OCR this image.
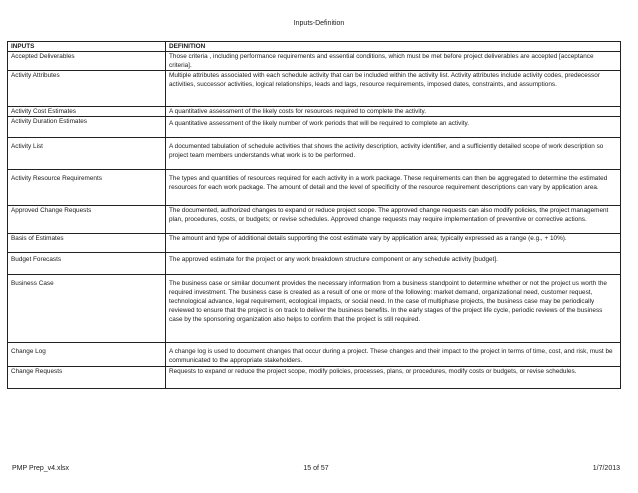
Inputs-Definition
INPUTS	DEFINITION
Accepted Deliverables	Those criteria , including performance requirements and essential conditions, which must be met before project deliverables are accepted [acceptance criteria].
Activity Attributes	Multiple attributes associated with each schedule activity that can be included within the activity list. Activity attributes include activity codes, predecessor activities, successor activities, logical relationships, leads and lags, resource requirements, imposed dates, constraints, and assumptions.
Activity Cost Estimates	A quantitative assessment of the likely costs for resources required to complete the activity.
Activity Duration Estimates	A quantitative assessment of the likely number of work periods that will be required to complete an activity.
Activity List	A documented tabulation of schedule activities that shows the activity description, activity identifier, and a sufficiently detailed scope of work description so project team members understands what work is to be performed.
Activity Resource Requirements	The types and quantities of resources required for each activity in a work package. These requirements can then be aggregated to determine the estimated resources for each work package. The amount of detail and the level of specificity of the resource requirement descriptions can vary by application area.
Approved Change Requests	The documented, authorized changes to expand or reduce project scope. The approved change requests can also modify policies, the project management plan, procedures, costs, or budgets; or revise schedules. Approved change requests may require implementation of preventive or corrective actions.
Basis of Estimates	The amount and type of additional details supporting the cost estimate vary by application area; typically expressed as a range (e.g., + 10%).
Budget Forecasts	The approved estimate for the project or any work breakdown structure component or any schedule activity [budget].
Business Case	The business case or similar document provides the necessary information from a business standpoint to determine whether or not the project us worth the required investment. The business case is created as a result of one or more of the following: market demand, organizational need, customer request, technological advance, legal requirement, ecological impacts, or social need. In the case of multiphase projects, the business case may be periodically reviewed to ensure that the project is on track to deliver the business benefits. In the early stages of the project life cycle, periodic reviews of the business case by the sponsoring organization also helps to confirm that the project is still required.
Change Log	A change log is used to document changes that occur during a project. These changes and their impact to the project in terms of time, cost, and risk, must be communicated to the appropriate stakeholders.
Change Requests	Requests to expand or reduce the project scope, modify policies, processes, plans, or procedures, modify costs or budgets, or revise schedules.
15 of 57
PMP Prep_v4.xlsx	1/7/2013
